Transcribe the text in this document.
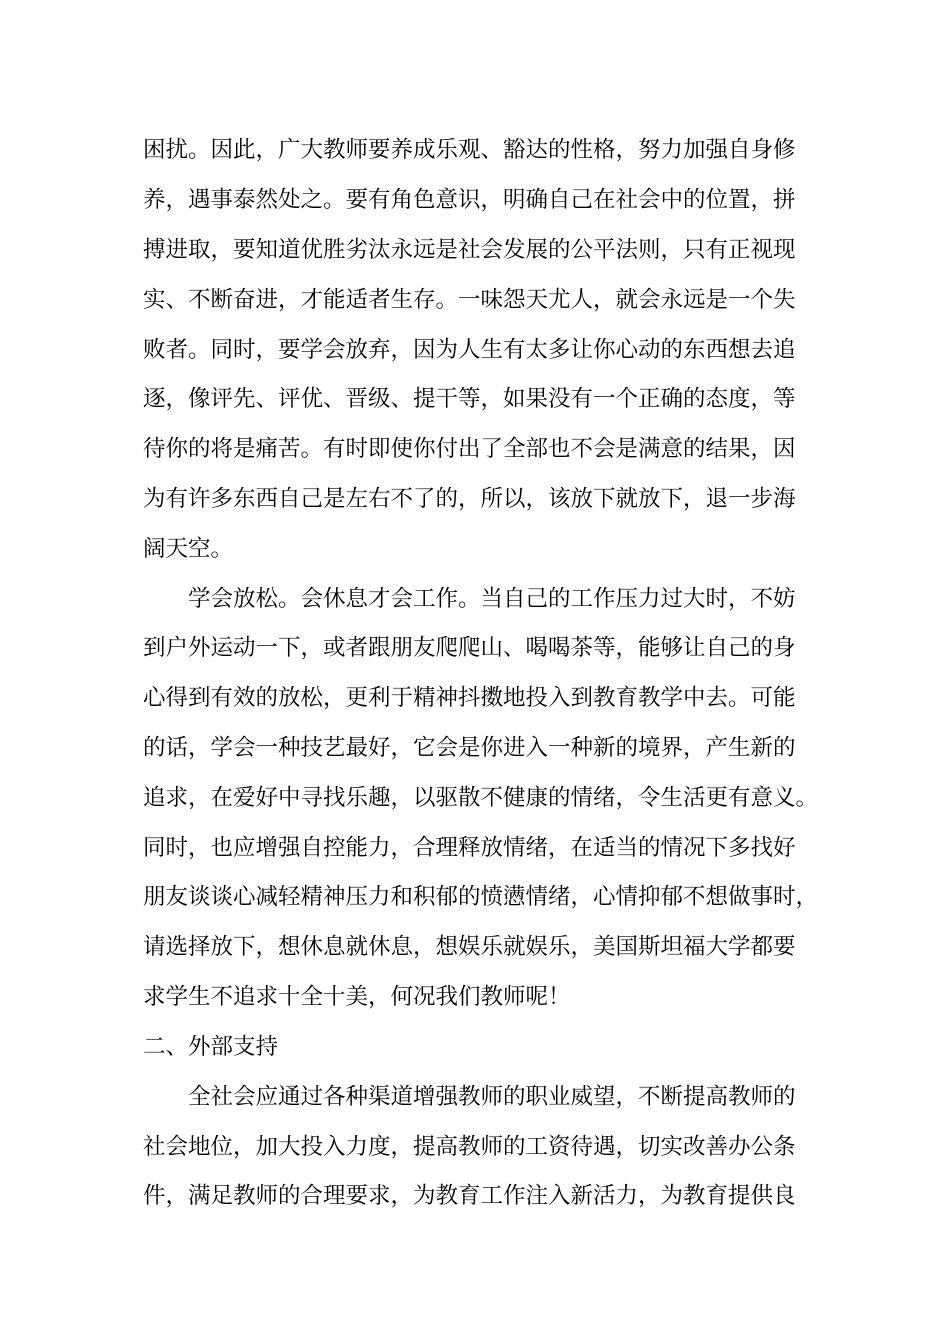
困扰。因此，广大教师要养成乐观、豁达的性格，努力加强自身修
养，遇事泰然处之。要有角色意识，明确自己在社会中的位置，拼
搏进取，要知道优胜劣汰永远是社会发展的公平法则，只有正视现
实、不断奋进，才能适者生存。一味怨天尤人，就会永远是一个失
败者。同时，要学会放弃，因为人生有太多让你心动的东西想去追
逐，像评先、评优、晋级、提干等，如果没有一个正确的态度，等
待你的将是痛苦。有时即使你付出了全部也不会是满意的结果，因
为有许多东西自己是左右不了的，所以，该放下就放下，退一步海
阔天空。
　　学会放松。会休息才会工作。当自己的工作压力过大时，不妨
到户外运动一下，或者跟朋友爬爬山、喝喝茶等，能够让自己的身
心得到有效的放松，更利于精神抖擞地投入到教育教学中去。可能
的话，学会一种技艺最好，它会是你进入一种新的境界，产生新的
追求，在爱好中寻找乐趣，以驱散不健康的情绪，令生活更有意义。
同时，也应增强自控能力，合理释放情绪，在适当的情况下多找好
朋友谈谈心减轻精神压力和积郁的愤懑情绪，心情抑郁不想做事时，
请选择放下，想休息就休息，想娱乐就娱乐，美国斯坦福大学都要
求学生不追求十全十美，何况我们教师呢！
二、外部支持
　　全社会应通过各种渠道增强教师的职业威望，不断提高教师的
社会地位，加大投入力度，提高教师的工资待遇，切实改善办公条
件，满足教师的合理要求，为教育工作注入新活力，为教育提供良
